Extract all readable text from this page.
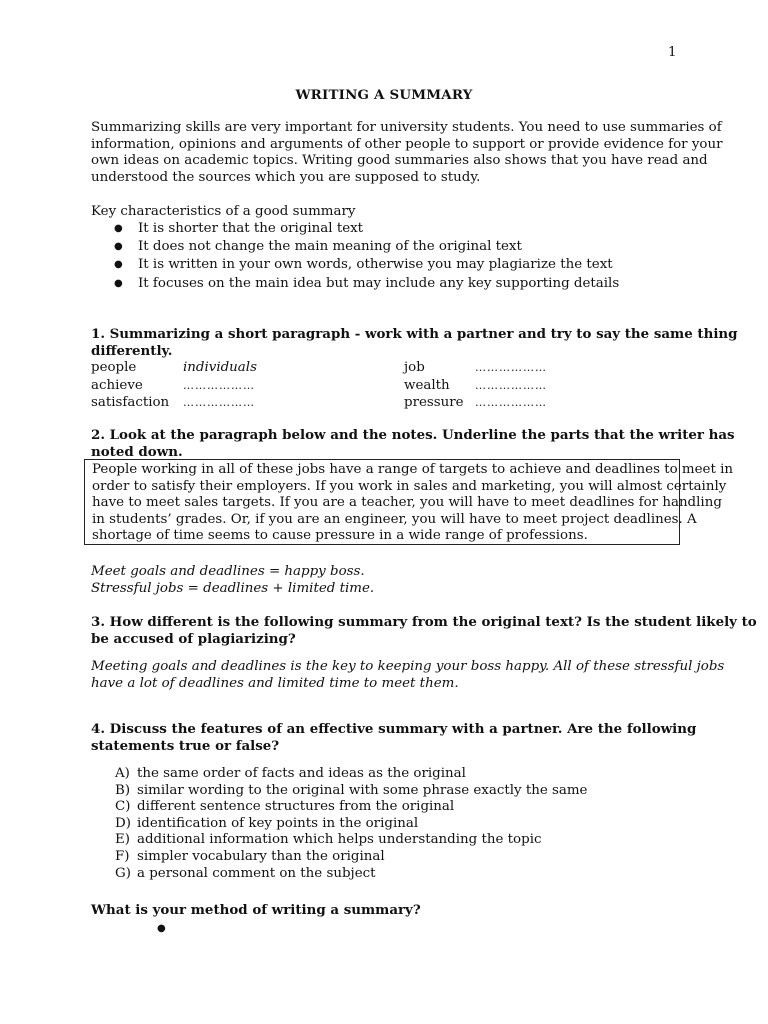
1
WRITING A SUMMARY

Summarizing skills are very important for university students. You need to use summaries of

information, opinions and arguments of other people to support or provide evidence for your

own ideas on academic topics. Writing good summaries also shows that you have read and

understood the sources which you are supposed to study.

Key characteristics of a good summary

● It is shorter that the original text
● It does not change the main meaning of the original text
● It is written in your own words, otherwise you may plagiarize the text
● It focuses on the main idea but may include any key supporting details

1. Summarizing a short paragraph - work with a partner and try to say the same thing

differently.

people	individuals	job	………………
achieve	………………	wealth ………………
satisfaction ………………	pressure ………………

2. Look at the paragraph below and the notes. Underline the parts that the writer has

noted down.

People working in all of these jobs have a range of targets to achieve and deadlines to meet in

order to satisfy their employers. If you work in sales and marketing, you will almost certainly

have to meet sales targets. If you are a teacher, you will have to meet deadlines for handling

in students’ grades. Or, if you are an engineer, you will have to meet project deadlines. A

shortage of time seems to cause pressure in a wide range of professions.

Meet goals and deadlines = happy boss.

Stressful jobs = deadlines + limited time.

3. How different is the following summary from the original text? Is the student likely to

be accused of plagiarizing?

Meeting goals and deadlines is the key to keeping your boss happy. All of these stressful jobs

have a lot of deadlines and limited time to meet them.

4. Discuss the features of an effective summary with a partner. Are the following

statements true or false?

A) the same order of facts and ideas as the original
B) similar wording to the original with some phrase exactly the same
C) different sentence structures from the original
D) identification of key points in the original
E) additional information which helps understanding the topic
F) simpler vocabulary than the original
G) a personal comment on the subject

What is your method of writing a summary?

●
